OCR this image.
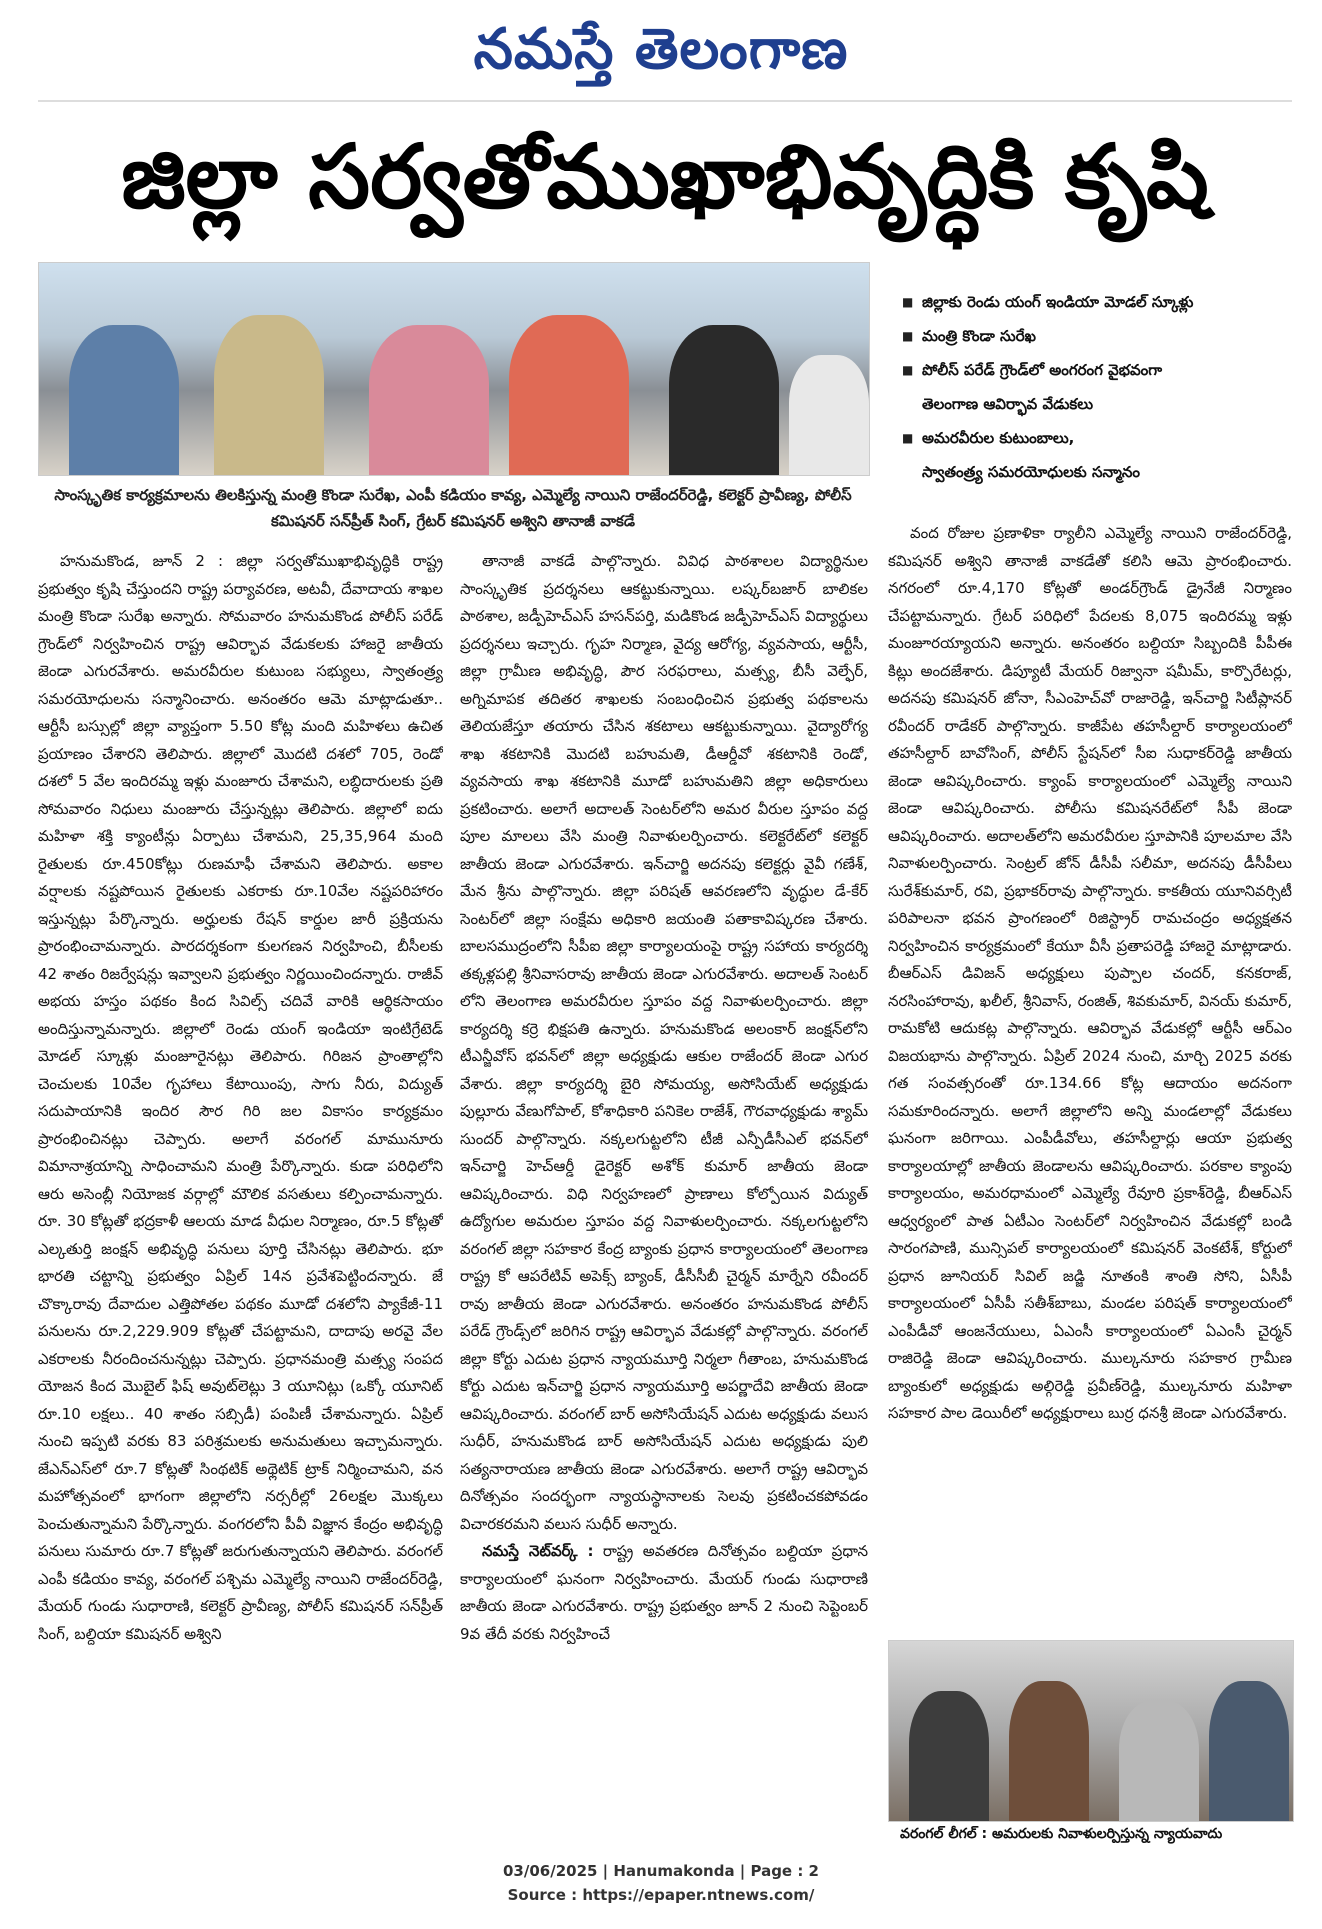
నమస్తే తెలంగాణ
జిల్లా సర్వతోముఖాభివృద్ధికి కృషి
సాంస్కృతిక కార్యక్రమాలను తిలకిస్తున్న మంత్రి కొండా సురేఖ, ఎంపీ కడియం కావ్య, ఎమ్మెల్యే నాయిని రాజేందర్‌రెడ్డి, కలెక్టర్ ప్రావీణ్య, పోలీస్ కమిషనర్ సన్‌ప్రీత్ సింగ్, గ్రేటర్ కమిషనర్ అశ్విని తానాజీ వాకడే
■ జిల్లాకు రెండు యంగ్ ఇండియా మోడల్ స్కూళ్లు
■ మంత్రి కొండా సురేఖ
■ పోలీస్ పరేడ్ గ్రౌండ్‌లో అంగరంగ వైభవంగా
తెలంగాణ ఆవిర్భావ వేడుకలు
■ అమరవీరుల కుటుంబాలు,
స్వాతంత్ర్య సమరయోధులకు సన్మానం

హనుమకొండ, జూన్ 2 : జిల్లా సర్వతోముఖాభివృద్ధికి రాష్ట్ర ప్రభుత్వం కృషి చేస్తుందని రాష్ట్ర పర్యావరణ, అటవీ, దేవాదాయ శాఖల మంత్రి కొండా సురేఖ అన్నారు. సోమవారం హనుమకొండ పోలీస్ పరేడ్ గ్రౌండ్‌లో నిర్వహించిన రాష్ట్ర ఆవిర్భావ వేడుకలకు హాజరై జాతీయ జెండా ఎగురవేశారు. అమరవీరుల కుటుంబ సభ్యులు, స్వాతంత్ర్య సమరయోధులను సన్మానించారు. అనంతరం ఆమె మాట్లాడుతూ.. ఆర్టీసీ బస్సుల్లో జిల్లా వ్యాప్తంగా 5.50 కోట్ల మంది మహిళలు ఉచిత ప్రయాణం చేశారని తెలిపారు. జిల్లాలో మొదటి దశలో 705, రెండో దశలో 5 వేల ఇందిరమ్మ ఇళ్లు మంజూరు చేశామని, లబ్ధిదారులకు ప్రతి సోమవారం నిధులు మంజూరు చేస్తున్నట్లు తెలిపారు. జిల్లాలో ఐదు మహిళా శక్తి క్యాంటీన్లు ఏర్పాటు చేశామని, 25,35,964 మంది రైతులకు రూ.450కోట్లు రుణమాఫీ చేశామని తెలిపారు. అకాల వర్షాలకు నష్టపోయిన రైతులకు ఎకరాకు రూ.10వేల నష్టపరిహారం ఇస్తున్నట్లు పేర్కొన్నారు. అర్హులకు రేషన్ కార్డుల జారీ ప్రక్రియను ప్రారంభించామన్నారు. పారదర్శకంగా కులగణన నిర్వహించి, బీసీలకు 42 శాతం రిజర్వేషన్లు ఇవ్వాలని ప్రభుత్వం నిర్ణయించిందన్నారు. రాజీవ్ అభయ హస్తం పథకం కింద సివిల్స్ చదివే వారికి ఆర్థికసాయం అందిస్తున్నామన్నారు. జిల్లాలో రెండు యంగ్ ఇండియా ఇంటిగ్రేటెడ్ మోడల్ స్కూళ్లు మంజూరైనట్లు తెలిపారు. గిరిజన ప్రాంతాల్లోని చెంచులకు 10వేల గృహాలు కేటాయింపు, సాగు నీరు, విద్యుత్ సదుపాయానికి ఇందిర సౌర గిరి జల వికాసం కార్యక్రమం ప్రారంభించినట్లు చెప్పారు. అలాగే వరంగల్ మామునూరు విమానాశ్రయాన్ని సాధించామని మంత్రి పేర్కొన్నారు. కుడా పరిధిలోని ఆరు అసెంబ్లీ నియోజక వర్గాల్లో మౌలిక వసతులు కల్పించామన్నారు. రూ. 30 కోట్లతో భద్రకాళీ ఆలయ మాడ వీధుల నిర్మాణం, రూ.5 కోట్లతో ఎల్కతుర్తి జంక్షన్ అభివృద్ధి పనులు పూర్తి చేసినట్లు తెలిపారు. భూ భారతి చట్టాన్ని ప్రభుత్వం ఏప్రిల్ 14న ప్రవేశపెట్టిందన్నారు. జే చొక్కారావు దేవాదుల ఎత్తిపోతల పథకం మూడో దశలోని ప్యాకేజీ-11 పనులను రూ.2,229.909 కోట్లతో చేపట్టామని, దాదాపు అరవై వేల ఎకరాలకు నీరందించనున్నట్లు చెప్పారు. ప్రధానమంత్రి మత్స్య సంపద యోజన కింద మొబైల్ ఫిష్ అవుట్‌లెట్లు 3 యూనిట్లు (ఒక్కో యూనిట్ రూ.10 లక్షలు.. 40 శాతం సబ్సిడీ) పంపిణీ చేశామన్నారు. ఏప్రిల్ నుంచి ఇప్పటి వరకు 83 పరిశ్రమలకు అనుమతులు ఇచ్చామన్నారు. జేఎన్ఎస్‌లో రూ.7 కోట్లతో సింథటిక్ అథ్లెటిక్ ట్రాక్ నిర్మించామని, వన మహోత్సవంలో భాగంగా జిల్లాలోని నర్సరీల్లో 26లక్షల మొక్కలు పెంచుతున్నామని పేర్కొన్నారు. వంగరలోని పీవీ విజ్ఞాన కేంద్రం అభివృద్ధి పనులు సుమారు రూ.7 కోట్లతో జరుగుతున్నాయని తెలిపారు. వరంగల్ ఎంపీ కడియం కావ్య, వరంగల్ పశ్చిమ ఎమ్మెల్యే నాయిని రాజేందర్‌రెడ్డి, మేయర్ గుండు సుధారాణి, కలెక్టర్ ప్రావీణ్య, పోలీస్ కమిషనర్ సన్‌ప్రీత్ సింగ్, బల్దియా కమిషనర్ అశ్విని

తానాజీ వాకడే పాల్గొన్నారు. వివిధ పాఠశాలల విద్యార్థినుల సాంస్కృతిక ప్రదర్శనలు ఆకట్టుకున్నాయి. లష్కర్‌బజార్ బాలికల పాఠశాల, జడ్పీహెచ్ఎస్ హసన్‌పర్తి, మడికొండ జడ్పీహెచ్ఎస్ విద్యార్థులు ప్రదర్శనలు ఇచ్చారు. గృహ నిర్మాణ, వైద్య ఆరోగ్య, వ్యవసాయ, ఆర్టీసీ, జిల్లా గ్రామీణ అభివృద్ధి, పౌర సరఫరాలు, మత్స్య, బీసీ వెల్ఫేర్, అగ్నిమాపక తదితర శాఖలకు సంబంధించిన ప్రభుత్వ పథకాలను తెలియజేస్తూ తయారు చేసిన శకటాలు ఆకట్టుకున్నాయి. వైద్యారోగ్య శాఖ శకటానికి మొదటి బహుమతి, డీఆర్డీవో శకటానికి రెండో, వ్యవసాయ శాఖ శకటానికి మూడో బహుమతిని జిల్లా అధికారులు ప్రకటించారు. అలాగే అదాలత్ సెంటర్‌లోని అమర వీరుల స్తూపం వద్ద పూల మాలలు వేసి మంత్రి నివాళులర్పించారు. కలెక్టరేట్‌లో కలెక్టర్ జాతీయ జెండా ఎగురవేశారు. ఇన్‌చార్జి అదనపు కలెక్టర్లు వైవీ గణేశ్, మేన శ్రీను పాల్గొన్నారు. జిల్లా పరిషత్ ఆవరణలోని వృద్ధుల డే-కేర్ సెంటర్‌లో జిల్లా సంక్షేమ అధికారి జయంతి పతాకావిష్కరణ చేశారు. బాలసముద్రంలోని సీపీఐ జిల్లా కార్యాలయంపై రాష్ట్ర సహాయ కార్యదర్శి తక్కళ్లపల్లి శ్రీనివాసరావు జాతీయ జెండా ఎగురవేశారు. అదాలత్ సెంటర్ లోని తెలంగాణ అమరవీరుల స్తూపం వద్ద నివాళులర్పించారు. జిల్లా కార్యదర్శి కర్రె భిక్షపతి ఉన్నారు. హనుమకొండ అలంకార్ జంక్షన్‌లోని టీఎన్జీవోస్ భవన్‌లో జిల్లా అధ్యక్షుడు ఆకుల రాజేందర్ జెండా ఎగుర వేశారు. జిల్లా కార్యదర్శి బైరి సోమయ్య, అసోసియేట్ అధ్యక్షుడు పుల్లూరు వేణుగోపాల్, కోశాధికారి పనికెల రాజేశ్, గౌరవాధ్యక్షుడు శ్యామ్ సుందర్ పాల్గొన్నారు. నక్కలగుట్టలోని టీజీ ఎన్పీడీసీఎల్ భవన్‌లో ఇన్‌చార్జి హెచ్‌ఆర్డీ డైరెక్టర్ అశోక్ కుమార్ జాతీయ జెండా ఆవిష్కరించారు. విధి నిర్వహణలో ప్రాణాలు కోల్పోయిన విద్యుత్ ఉద్యోగుల అమరుల స్తూపం వద్ద నివాళులర్పించారు. నక్కలగుట్టలోని వరంగల్ జిల్లా సహకార కేంద్ర బ్యాంకు ప్రధాన కార్యాలయంలో తెలంగాణ రాష్ట్ర కో ఆపరేటివ్ అపెక్స్ బ్యాంక్, డీసీసీబీ చైర్మన్ మార్నేని రవీందర్ రావు జాతీయ జెండా ఎగురవేశారు. అనంతరం హనుమకొండ పోలీస్ పరేడ్ గ్రౌండ్స్‌లో జరిగిన రాష్ట్ర ఆవిర్భావ వేడుకల్లో పాల్గొన్నారు. వరంగల్ జిల్లా కోర్టు ఎదుట ప్రధాన న్యాయమూర్తి నిర్మలా గీతాంబ, హనుమకొండ కోర్టు ఎదుట ఇన్‌చార్జి ప్రధాన న్యాయమూర్తి అపర్ణాదేవి జాతీయ జెండా ఆవిష్కరించారు. వరంగల్ బార్ అసోసియేషన్ ఎదుట అధ్యక్షుడు వలుస సుధీర్, హనుమకొండ బార్ అసోసియేషన్ ఎదుట అధ్యక్షుడు పులి సత్యనారాయణ జాతీయ జెండా ఎగురవేశారు. అలాగే రాష్ట్ర ఆవిర్భావ దినోత్సవం సందర్భంగా న్యాయస్థానాలకు సెలవు ప్రకటించకపోవడం విచారకరమని వలుస సుధీర్ అన్నారు.

నమస్తే నెట్‌వర్క్ : రాష్ట్ర అవతరణ దినోత్సవం బల్దియా ప్రధాన కార్యాలయంలో ఘనంగా నిర్వహించారు. మేయర్ గుండు సుధారాణి జాతీయ జెండా ఎగురవేశారు. రాష్ట్ర ప్రభుత్వం జూన్ 2 నుంచి సెప్టెంబర్ 9వ తేదీ వరకు నిర్వహించే

వంద రోజుల ప్రణాళికా ర్యాలీని ఎమ్మెల్యే నాయిని రాజేందర్‌రెడ్డి, కమిషనర్ అశ్విని తానాజీ వాకడేతో కలిసి ఆమె ప్రారంభించారు. నగరంలో రూ.4,170 కోట్లతో అండర్‌గ్రౌండ్ డ్రైనేజీ నిర్మాణం చేపట్టామన్నారు. గ్రేటర్ పరిధిలో పేదలకు 8,075 ఇందిరమ్మ ఇళ్లు మంజూరయ్యాయని అన్నారు. అనంతరం బల్దియా సిబ్బందికి పీపీఈ కిట్లు అందజేశారు. డిప్యూటీ మేయర్ రిజ్వానా షమీమ్, కార్పొరేటర్లు, అదనపు కమిషనర్ జోనా, సీఎంహెచ్‌వో రాజారెడ్డి, ఇన్‌చార్జి సిటీప్లానర్ రవీందర్ రాడేకర్ పాల్గొన్నారు. కాజీపేట తహసీల్దార్ కార్యాలయంలో తహసీల్దార్ బావోసింగ్, పోలీస్ స్టేషన్‌లో సీఐ సుధాకర్‌రెడ్డి జాతీయ జెండా ఆవిష్కరించారు. క్యాంప్ కార్యాలయంలో ఎమ్మెల్యే నాయిని జెండా ఆవిష్కరించారు. పోలీసు కమిషనరేట్‌లో సీపీ జెండా ఆవిష్కరించారు. అదాలత్‌లోని అమరవీరుల స్తూపానికి పూలమాల వేసి నివాళులర్పించారు. సెంట్రల్ జోన్ డీసీపీ సలీమా, అదనపు డీసీపీలు సురేశ్‌కుమార్, రవి, ప్రభాకర్‌రావు పాల్గొన్నారు. కాకతీయ యూనివర్సిటీ పరిపాలనా భవన ప్రాంగణంలో రిజిస్ట్రార్ రామచంద్రం అధ్యక్షతన నిర్వహించిన కార్యక్రమంలో కేయూ వీసీ ప్రతాపరెడ్డి హాజరై మాట్లాడారు. బీఆర్ఎస్ డివిజన్ అధ్యక్షులు పుప్పాల చందర్, కనకరాజ్, నరసింహారావు, ఖలీల్, శ్రీనివాస్, రంజిత్, శివకుమార్, వినయ్ కుమార్, రామకోటి ఆదుకట్ల పాల్గొన్నారు. ఆవిర్భావ వేడుకల్లో ఆర్టీసీ ఆర్ఎం విజయభాను పాల్గొన్నారు. ఏప్రిల్ 2024 నుంచి, మార్చి 2025 వరకు గత సంవత్సరంతో రూ.134.66 కోట్ల ఆదాయం అదనంగా సమకూరిందన్నారు. అలాగే జిల్లాలోని అన్ని మండలాల్లో వేడుకలు ఘనంగా జరిగాయి. ఎంపీడీవోలు, తహసీల్దార్లు ఆయా ప్రభుత్వ కార్యాలయాల్లో జాతీయ జెండాలను ఆవిష్కరించారు. పరకాల క్యాంపు కార్యాలయం, అమరధామంలో ఎమ్మెల్యే రేవూరి ప్రకాశ్‌రెడ్డి, బీఆర్ఎస్ ఆధ్వర్యంలో పాత ఏటీఎం సెంటర్‌లో నిర్వహించిన వేడుకల్లో బండి సారంగపాణి, మున్సిపల్ కార్యాలయంలో కమిషనర్ వెంకటేశ్, కోర్టులో ప్రధాన జూనియర్ సివిల్ జడ్జి నూతంకి శాంతి సోని, ఏసీపీ కార్యాలయంలో ఏసీపీ సతీశ్‌బాబు, మండల పరిషత్ కార్యాలయంలో ఎంపీడీవో ఆంజనేయులు, ఏఎంసీ కార్యాలయంలో ఏఎంసీ చైర్మన్ రాజిరెడ్డి జెండా ఆవిష్కరించారు. ముల్కనూరు సహకార గ్రామీణ బ్యాంకులో అధ్యక్షుడు అల్గిరెడ్డి ప్రవీణ్‌రెడ్డి, ముల్కనూరు మహిళా సహకార పాల డెయిరీలో అధ్యక్షురాలు బుర్ర ధనశ్రీ జెండా ఎగురవేశారు.

వరంగల్ లీగల్ : అమరులకు నివాళులర్పిస్తున్న న్యాయవాదు
03/06/2025 | Hanumakonda | Page : 2
Source : https://epaper.ntnews.com/
